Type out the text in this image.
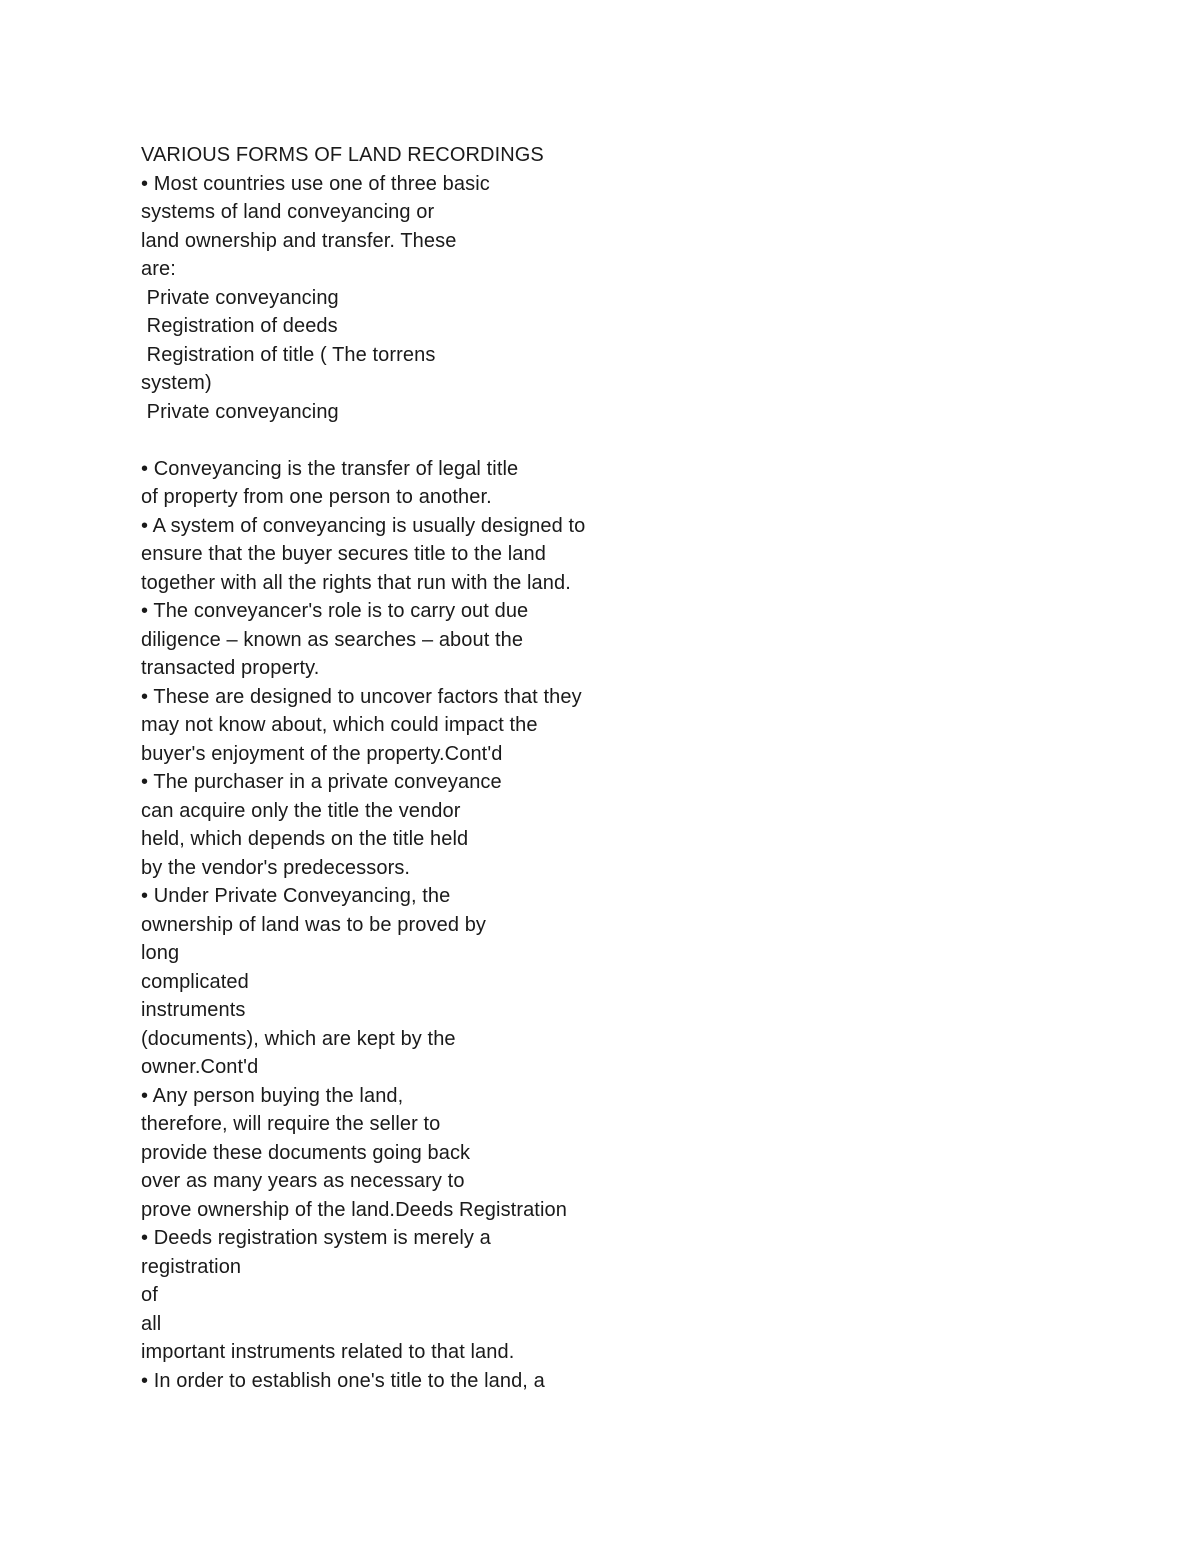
VARIOUS FORMS OF LAND RECORDINGS
• Most countries use one of three basic
systems of land conveyancing or
land ownership and transfer. These
are:
Private conveyancing
Registration of deeds
Registration of title ( The torrens
system)
Private conveyancing
• Conveyancing is the transfer of legal title
of property from one person to another.
• A system of conveyancing is usually designed to
ensure that the buyer secures title to the land
together with all the rights that run with the land.
• The conveyancer's role is to carry out due
diligence – known as searches – about the
transacted property.
• These are designed to uncover factors that they
may not know about, which could impact the
buyer's enjoyment of the property.Cont'd
• The purchaser in a private conveyance
can acquire only the title the vendor
held, which depends on the title held
by the vendor's predecessors.
• Under Private Conveyancing, the
ownership of land was to be proved by
long
complicated
instruments
(documents), which are kept by the
owner.Cont'd
• Any person buying the land,
therefore, will require the seller to
provide these documents going back
over as many years as necessary to
prove ownership of the land.Deeds Registration
• Deeds registration system is merely a
registration
of
all
important instruments related to that land.
• In order to establish one's title to the land, a
